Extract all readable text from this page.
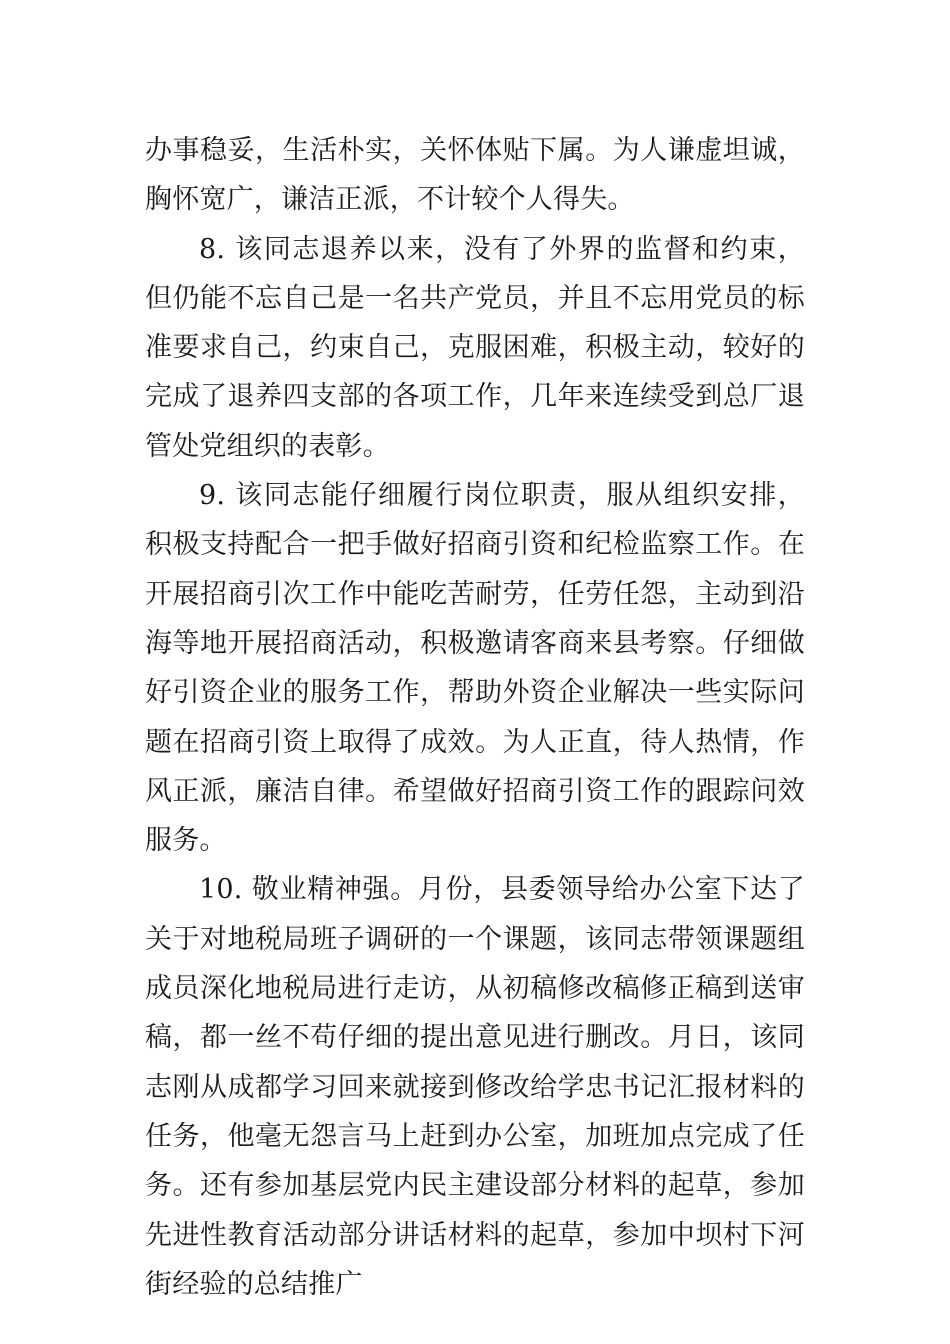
办事稳妥，生活朴实，关怀体贴下属。为人谦虚坦诚，胸怀宽广，谦洁正派，不计较个人得失。

8. 该同志退养以来，没有了外界的监督和约束，但仍能不忘自己是一名共产党员，并且不忘用党员的标准要求自己，约束自己，克服困难，积极主动，较好的完成了退养四支部的各项工作，几年来连续受到总厂退管处党组织的表彰。

9. 该同志能仔细履行岗位职责，服从组织安排，积极支持配合一把手做好招商引资和纪检监察工作。在开展招商引次工作中能吃苦耐劳，任劳任怨，主动到沿海等地开展招商活动，积极邀请客商来县考察。仔细做好引资企业的服务工作，帮助外资企业解决一些实际问题在招商引资上取得了成效。为人正直，待人热情，作风正派，廉洁自律。希望做好招商引资工作的跟踪问效服务。

10. 敬业精神强。月份，县委领导给办公室下达了关于对地税局班子调研的一个课题，该同志带领课题组成员深化地税局进行走访，从初稿修改稿修正稿到送审稿，都一丝不苟仔细的提出意见进行删改。月日，该同志刚从成都学习回来就接到修改给学忠书记汇报材料的任务，他毫无怨言马上赶到办公室，加班加点完成了任务。还有参加基层党内民主建设部分材料的起草，参加先进性教育活动部分讲话材料的起草，参加中坝村下河街经验的总结推广
